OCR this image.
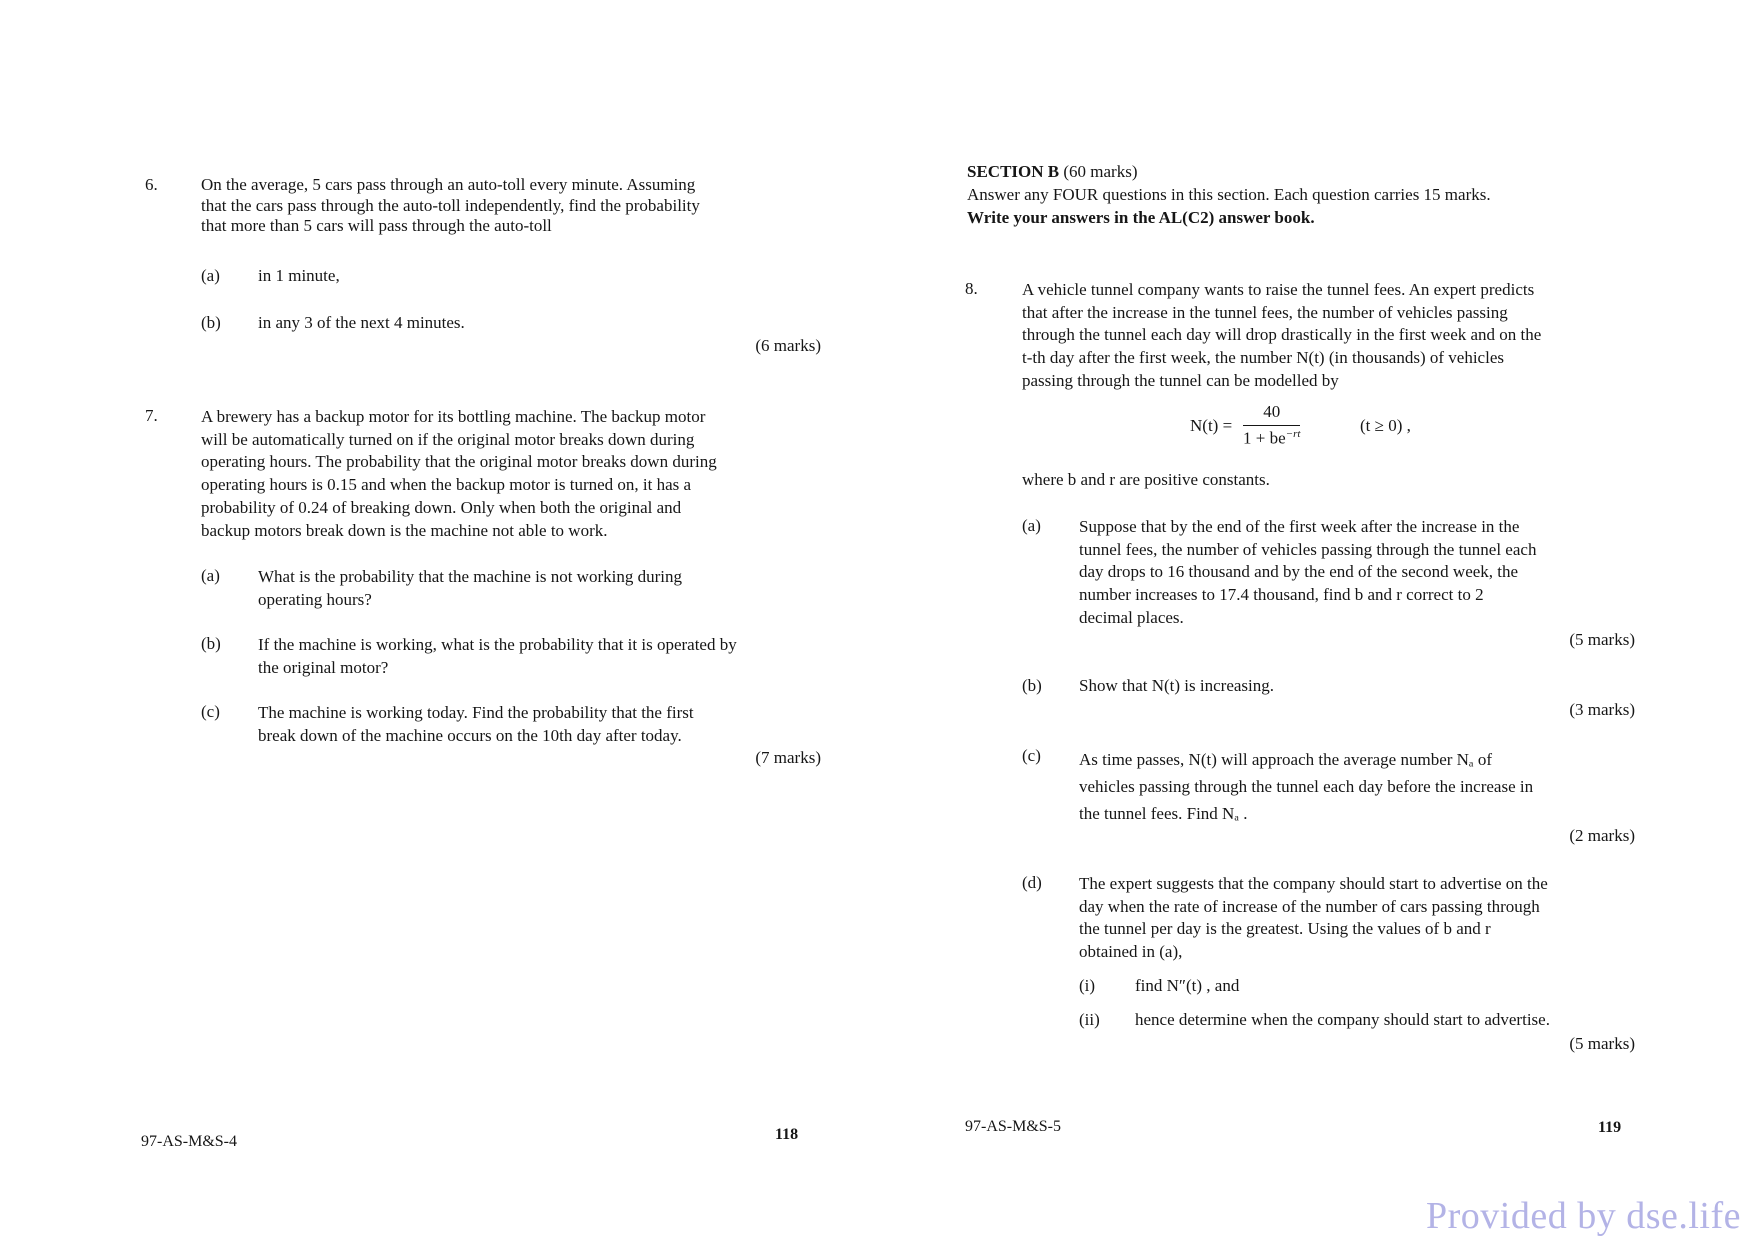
6.	On the average, 5 cars pass through an auto-toll every minute. Assuming
that the cars pass through the auto-toll independently, find the probability
that more than 5 cars will pass through the auto-toll
(a) in 1 minute,
(b) in any 3 of the next 4 minutes.
(6 marks)
7.	A brewery has a backup motor for its bottling machine. The backup motor
will be automatically turned on if the original motor breaks down during
operating hours. The probability that the original motor breaks down during
operating hours is 0.15 and when the backup motor is turned on, it has a
probability of 0.24 of breaking down. Only when both the original and
backup motors break down is the machine not able to work.
(a) What is the probability that the machine is not working during
operating hours?
(b) If the machine is working, what is the probability that it is operated by
the original motor?
(c) The machine is working today. Find the probability that the first
break down of the machine occurs on the 10th day after today.
(7 marks)
97-AS-M&S-4	118
SECTION B (60 marks)
Answer any FOUR questions in this section. Each question carries 15 marks.
Write your answers in the AL(C2) answer book.
8.	A vehicle tunnel company wants to raise the tunnel fees. An expert predicts
that after the increase in the tunnel fees, the number of vehicles passing
through the tunnel each day will drop drastically in the first week and on the
t-th day after the first week, the number N(t) (in thousands) of vehicles
passing through the tunnel can be modelled by
$N(t) = \frac{40}{1 + be^{-rt}}$	(t ≥ 0) ,
where b and r are positive constants.
(a) Suppose that by the end of the first week after the increase in the
tunnel fees, the number of vehicles passing through the tunnel each
day drops to 16 thousand and by the end of the second week, the
number increases to 17.4 thousand, find b and r correct to 2
decimal places.
(5 marks)
(b) Show that N(t) is increasing.
(3 marks)
(c) As time passes, N(t) will approach the average number Nₐ of
vehicles passing through the tunnel each day before the increase in
the tunnel fees. Find Nₐ .
(2 marks)
(d) The expert suggests that the company should start to advertise on the
day when the rate of increase of the number of cars passing through
the tunnel per day is the greatest. Using the values of b and r
obtained in (a),
(i) find N″(t) , and
(ii) hence determine when the company should start to advertise.
(5 marks)
97-AS-M&S-5	119
Provided by dse.life
